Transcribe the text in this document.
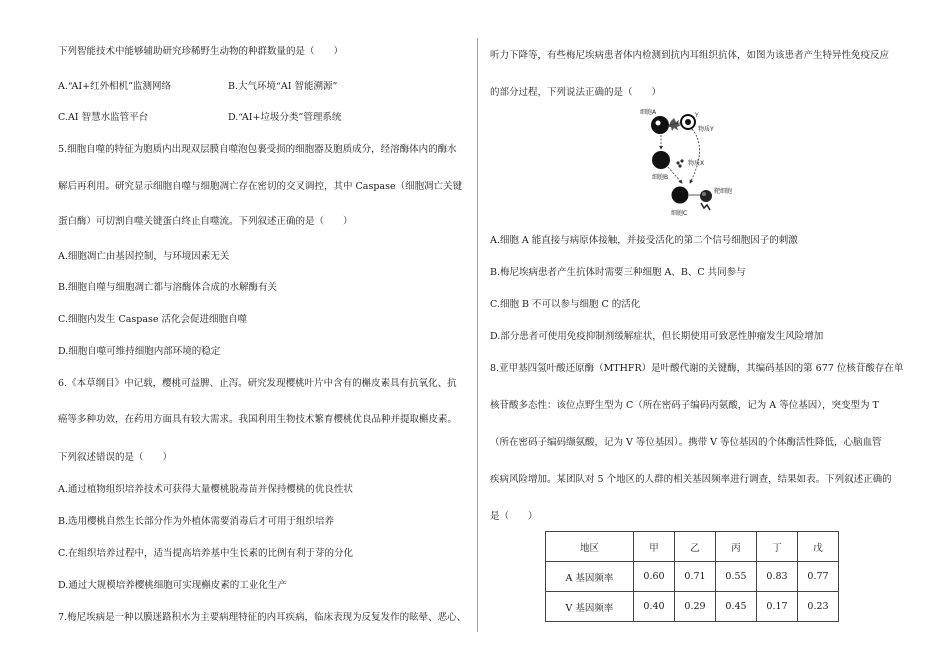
下列智能技术中能够辅助研究珍稀野生动物的种群数量的是（　　）
A.“AI+红外相机”监测网络	B.大气环境“AI 智能溯源”
C.AI 智慧水监管平台	D.“AI+垃圾分类”管理系统
5.细胞自噬的特征为胞质内出现双层膜自噬泡包裹受损的细胞器及胞质成分，经溶酶体内的酶水
解后再利用。研究显示细胞自噬与细胞凋亡存在密切的交叉调控，其中 Caspase（细胞凋亡关键
蛋白酶）可切割自噬关键蛋白终止自噬流。下列叙述正确的是（　　）
A.细胞凋亡由基因控制，与环境因素无关
B.细胞自噬与细胞凋亡都与溶酶体合成的水解酶有关
C.细胞内发生 Caspase 活化会促进细胞自噬
D.细胞自噬可维持细胞内部环境的稳定
6.《本草纲目》中记载，樱桃可益脾、止泻。研究发现樱桃叶片中含有的槲皮素具有抗氧化、抗
癌等多种功效，在药用方面具有较大需求。我国利用生物技术繁育樱桃优良品种并提取槲皮素。
下列叙述错误的是（　　）
A.通过植物组织培养技术可获得大量樱桃脱毒苗并保持樱桃的优良性状
B.选用樱桃自然生长部分作为外植体需要消毒后才可用于组织培养
C.在组织培养过程中，适当提高培养基中生长素的比例有利于芽的分化
D.通过大规模培养樱桃细胞可实现槲皮素的工业化生产
7.梅尼埃病是一种以膜迷路积水为主要病理特征的内耳疾病，临床表现为反复发作的眩晕、恶心、
听力下降等，有些梅尼埃病患者体内检测到抗内耳组织抗体，如图为该患者产生特异性免疫反应
的部分过程，下列说法正确的是（　　）
细胞A	Y
物质Y
细胞B
物质X
细胞C
靶细胞
A.细胞 A 能直接与病原体接触，并接受活化的第二个信号细胞因子的刺激
B.梅尼埃病患者产生抗体时需要三种细胞 A、B、C 共同参与
C.细胞 B 不可以参与细胞 C 的活化
D.部分患者可使用免疫抑制剂缓解症状，但长期使用可致恶性肿瘤发生风险增加
8.亚甲基四氢叶酸还原酶（MTHFR）是叶酸代谢的关键酶，其编码基因的第 677 位核苷酸存在单
核苷酸多态性：该位点野生型为 C（所在密码子编码丙氨酸，记为 A 等位基因），突变型为 T
（所在密码子编码缬氨酸，记为 V 等位基因）。携带 V 等位基因的个体酶活性降低，心脑血管
疾病风险增加。某团队对 5 个地区的人群的相关基因频率进行调查，结果如表。下列叙述正确的
是（　　）
地区	甲	乙	丙	丁	戊
A 基因频率	0.60	0.71	0.55	0.83	0.77
V 基因频率	0.40	0.29	0.45	0.17	0.23
